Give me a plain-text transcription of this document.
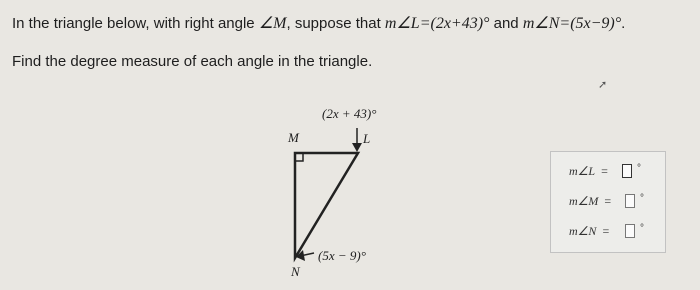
In the triangle below, with right angle ∠M, suppose that m∠L=(2x+43)° and m∠N=(5x−9)°.
Find the degree measure of each angle in the triangle.
➚
(2x + 43)°
M	L
(5x − 9)°
N
m∠L =	°
m∠M =	°
m∠N =	°
